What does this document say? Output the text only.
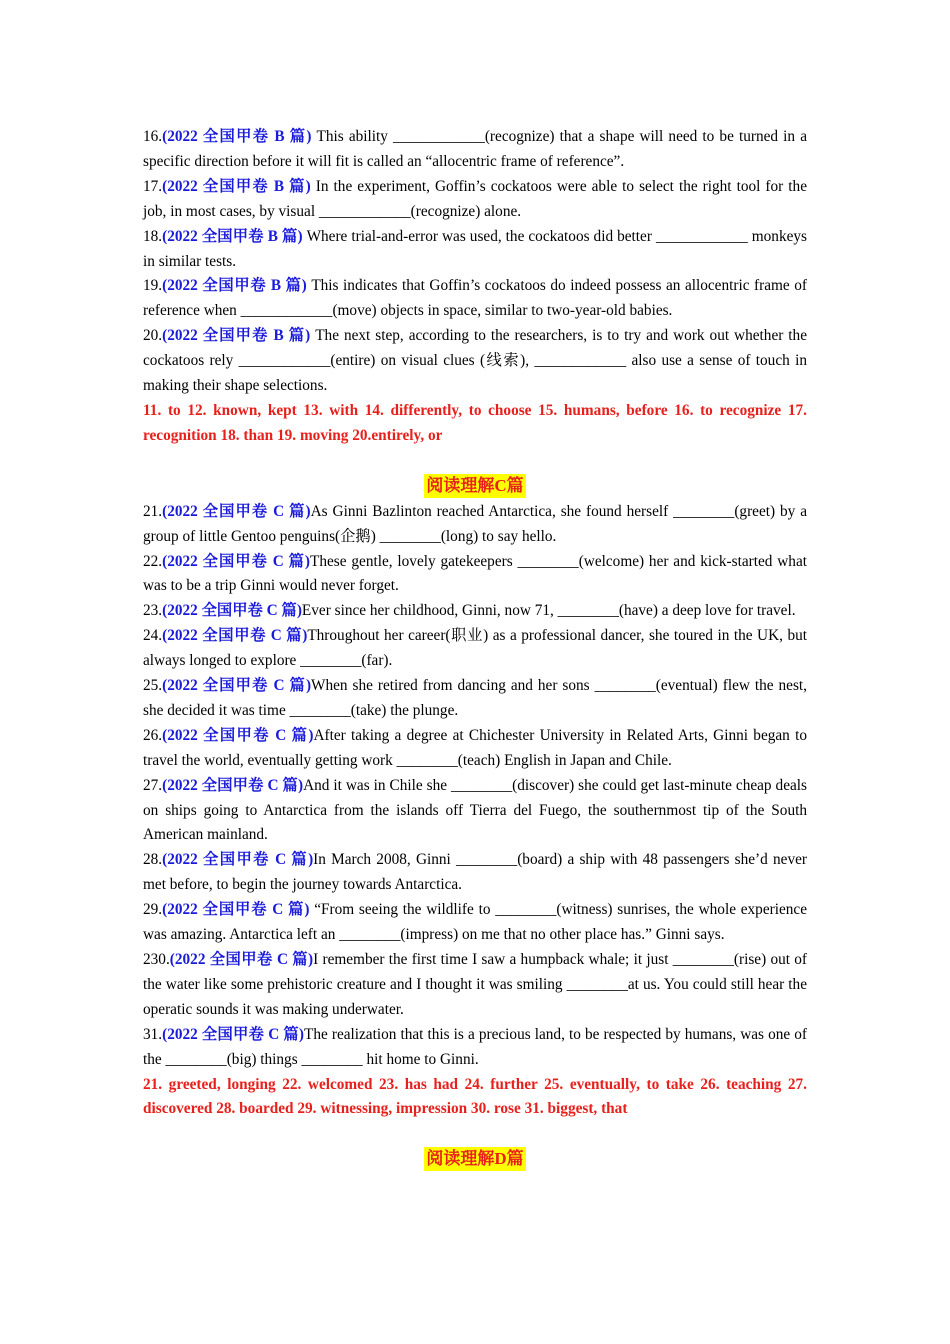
16.(2022 全国甲卷 B 篇) This ability ____________(recognize) that a shape will need to be turned in a specific direction before it will fit is called an “allocentric frame of reference”.
17.(2022 全国甲卷 B 篇) In the experiment, Goffin’s cockatoos were able to select the right tool for the job, in most cases, by visual ____________(recognize) alone.
18.(2022 全国甲卷 B 篇) Where trial-and-error was used, the cockatoos did better ____________ monkeys in similar tests.
19.(2022 全国甲卷 B 篇) This indicates that Goffin’s cockatoos do indeed possess an allocentric frame of reference when ____________(move) objects in space, similar to two-year-old babies.
20.(2022 全国甲卷 B 篇) The next step, according to the researchers, is to try and work out whether the cockatoos rely ____________(entire) on visual clues (线索), ____________ also use a sense of touch in making their shape selections.
11. to 12. known, kept 13. with 14. differently, to choose 15. humans, before 16. to recognize 17. recognition 18. than 19. moving 20.entirely, or
阅读理解C篇
21.(2022 全国甲卷 C 篇)As Ginni Bazlinton reached Antarctica, she found herself ________(greet) by a group of little Gentoo penguins(企鹅) ________(long) to say hello.
22.(2022 全国甲卷 C 篇)These gentle, lovely gatekeepers ________(welcome) her and kick-started what was to be a trip Ginni would never forget.
23.(2022 全国甲卷 C 篇)Ever since her childhood, Ginni, now 71, ________(have) a deep love for travel.
24.(2022 全国甲卷 C 篇)Throughout her career(职业) as a professional dancer, she toured in the UK, but always longed to explore ________(far).
25.(2022 全国甲卷 C 篇)When she retired from dancing and her sons ________(eventual) flew the nest, she decided it was time ________(take) the plunge.
26.(2022 全国甲卷 C 篇)After taking a degree at Chichester University in Related Arts, Ginni began to travel the world, eventually getting work ________(teach) English in Japan and Chile.
27.(2022 全国甲卷 C 篇)And it was in Chile she ________(discover) she could get last-minute cheap deals on ships going to Antarctica from the islands off Tierra del Fuego, the southernmost tip of the South American mainland.
28.(2022 全国甲卷 C 篇)In March 2008, Ginni ________(board) a ship with 48 passengers she’d never met before, to begin the journey towards Antarctica.
29.(2022 全国甲卷 C 篇) “From seeing the wildlife to ________(witness) sunrises, the whole experience was amazing. Antarctica left an ________(impress) on me that no other place has.” Ginni says.
230.(2022 全国甲卷 C 篇)I remember the first time I saw a humpback whale; it just ________(rise) out of the water like some prehistoric creature and I thought it was smiling ________at us. You could still hear the operatic sounds it was making underwater.
31.(2022 全国甲卷 C 篇)The realization that this is a precious land, to be respected by humans, was one of the ________(big) things ________ hit home to Ginni.
21. greeted, longing 22. welcomed 23. has had 24. further 25. eventually, to take 26. teaching 27. discovered 28. boarded 29. witnessing, impression 30. rose 31. biggest, that
阅读理解D篇
